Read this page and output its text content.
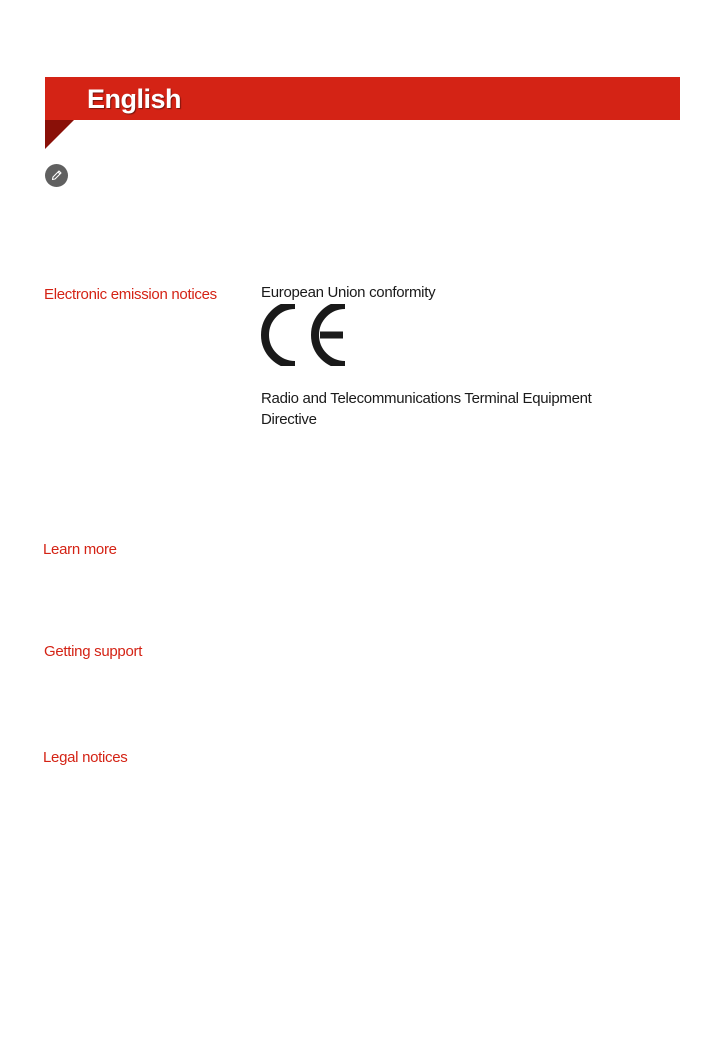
English
Electronic emission notices	European Union conformity
Radio and Telecommunications Terminal Equipment
Directive
Learn more
Getting support
Legal notices
